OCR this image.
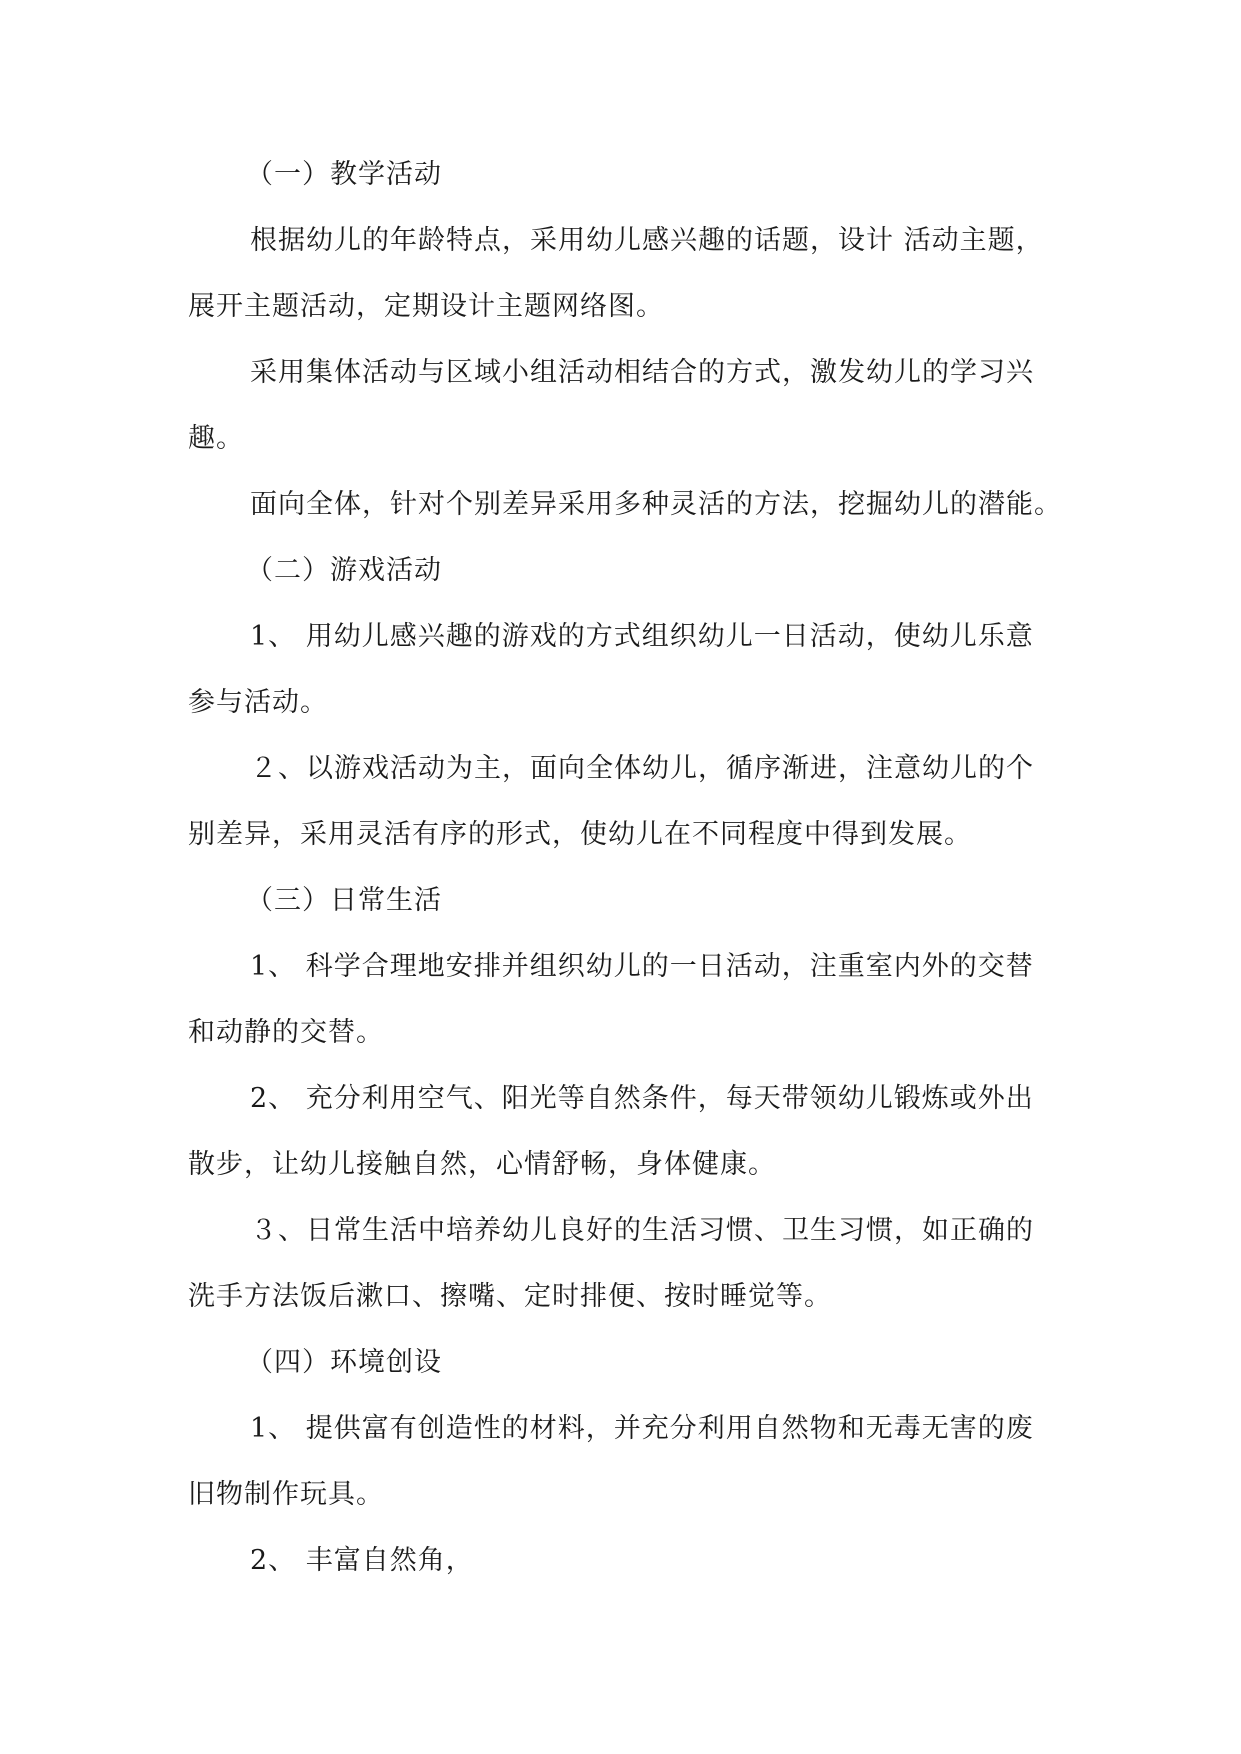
（一）教学活动
根据幼儿的年龄特点，采用幼儿感兴趣的话题，设计 活动主题，
展开主题活动，定期设计主题网络图。
采用集体活动与区域小组活动相结合的方式，激发幼儿的学习兴
趣。
面向全体，针对个别差异采用多种灵活的方法，挖掘幼儿的潜能。
（二）游戏活动
1、 用幼儿感兴趣的游戏的方式组织幼儿一日活动，使幼儿乐意
参与活动。
２、以游戏活动为主，面向全体幼儿，循序渐进，注意幼儿的个
别差异，采用灵活有序的形式，使幼儿在不同程度中得到发展。
（三）日常生活
1、 科学合理地安排并组织幼儿的一日活动，注重室内外的交替
和动静的交替。
2、 充分利用空气、阳光等自然条件，每天带领幼儿锻炼或外出
散步，让幼儿接触自然，心情舒畅，身体健康。
３、日常生活中培养幼儿良好的生活习惯、卫生习惯，如正确的
洗手方法饭后漱口、擦嘴、定时排便、按时睡觉等。
（四）环境创设
1、 提供富有创造性的材料，并充分利用自然物和无毒无害的废
旧物制作玩具。
2、 丰富自然角，
